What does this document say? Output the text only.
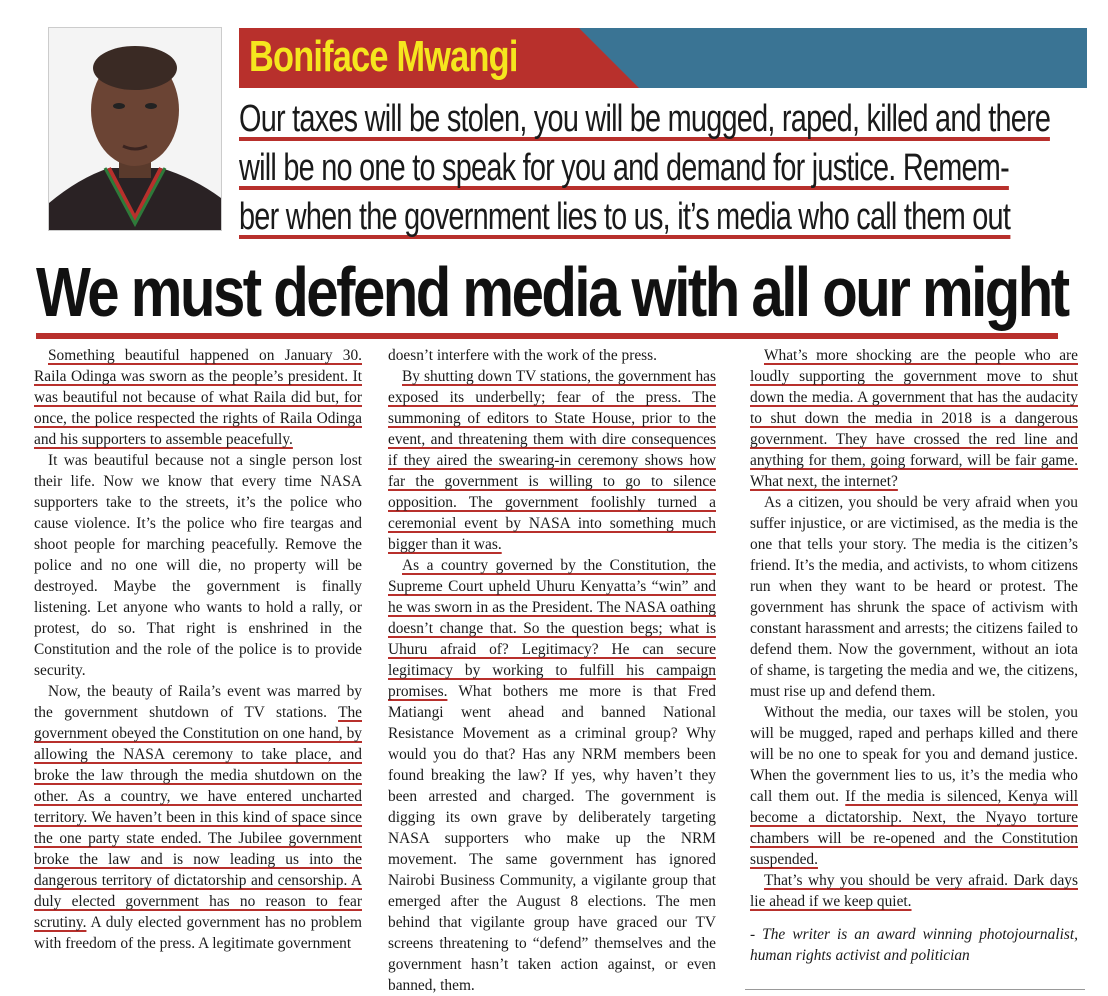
Boniface Mwangi
Our taxes will be stolen, you will be mugged, raped, killed and there
will be no one to speak for you and demand for justice. Remem-
ber when the government lies to us, it’s media who call them out
We must defend media with all our might

Something beautiful happened on January 30. Raila Odinga was sworn as the people’s president. It was beautiful not because of what Raila did but, for once, the police respected the rights of Raila Odinga and his supporters to assemble peacefully.

It was beautiful because not a single person lost their life. Now we know that every time NASA supporters take to the streets, it’s the police who cause violence. It’s the police who fire teargas and shoot people for marching peacefully. Remove the police and no one will die, no property will be destroyed. Maybe the government is finally listening. Let anyone who wants to hold a rally, or protest, do so. That right is enshrined in the Constitution and the role of the police is to provide security.

Now, the beauty of Raila’s event was marred by the government shutdown of TV stations. The government obeyed the Constitution on one hand, by allowing the NASA ceremony to take place, and broke the law through the media shutdown on the other. As a country, we have entered uncharted territory. We haven’t been in this kind of space since the one party state ended. The Jubilee government broke the law and is now leading us into the dangerous territory of dictatorship and censorship. A duly elected government has no reason to fear scrutiny. A duly elected government has no problem with freedom of the press. A legitimate government

doesn’t interfere with the work of the press.

By shutting down TV stations, the government has exposed its underbelly; fear of the press. The summoning of editors to State House, prior to the event, and threatening them with dire consequences if they aired the swearing-in ceremony shows how far the government is willing to go to silence opposition. The government foolishly turned a ceremonial event by NASA into something much bigger than it was.

As a country governed by the Constitution, the Supreme Court upheld Uhuru Kenyatta’s “win” and he was sworn in as the President. The NASA oathing doesn’t change that. So the question begs; what is Uhuru afraid of? Legitimacy? He can secure legitimacy by working to fulfill his campaign promises. What bothers me more is that Fred Matiangi went ahead and banned National Resistance Movement as a criminal group? Why would you do that? Has any NRM members been found breaking the law? If yes, why haven’t they been arrested and charged. The government is digging its own grave by deliberately targeting NASA supporters who make up the NRM movement. The same government has ignored Nairobi Business Community, a vigilante group that emerged after the August 8 elections. The men behind that vigilante group have graced our TV screens threatening to “defend” themselves and the government hasn’t taken action against, or even banned, them.

What’s more shocking are the people who are loudly supporting the government move to shut down the media. A government that has the audacity to shut down the media in 2018 is a dangerous government. They have crossed the red line and anything for them, going forward, will be fair game. What next, the internet?

As a citizen, you should be very afraid when you suffer injustice, or are victimised, as the media is the one that tells your story. The media is the citizen’s friend. It’s the media, and activists, to whom citizens run when they want to be heard or protest. The government has shrunk the space of activism with constant harassment and arrests; the citizens failed to defend them. Now the government, without an iota of shame, is targeting the media and we, the citizens, must rise up and defend them.

Without the media, our taxes will be stolen, you will be mugged, raped and perhaps killed and there will be no one to speak for you and demand justice. When the government lies to us, it’s the media who call them out. If the media is silenced, Kenya will become a dictatorship. Next, the Nyayo torture chambers will be re-opened and the Constitution suspended.

That’s why you should be very afraid. Dark days lie ahead if we keep quiet.

- The writer is an award winning photojournalist, human rights activist and politician
